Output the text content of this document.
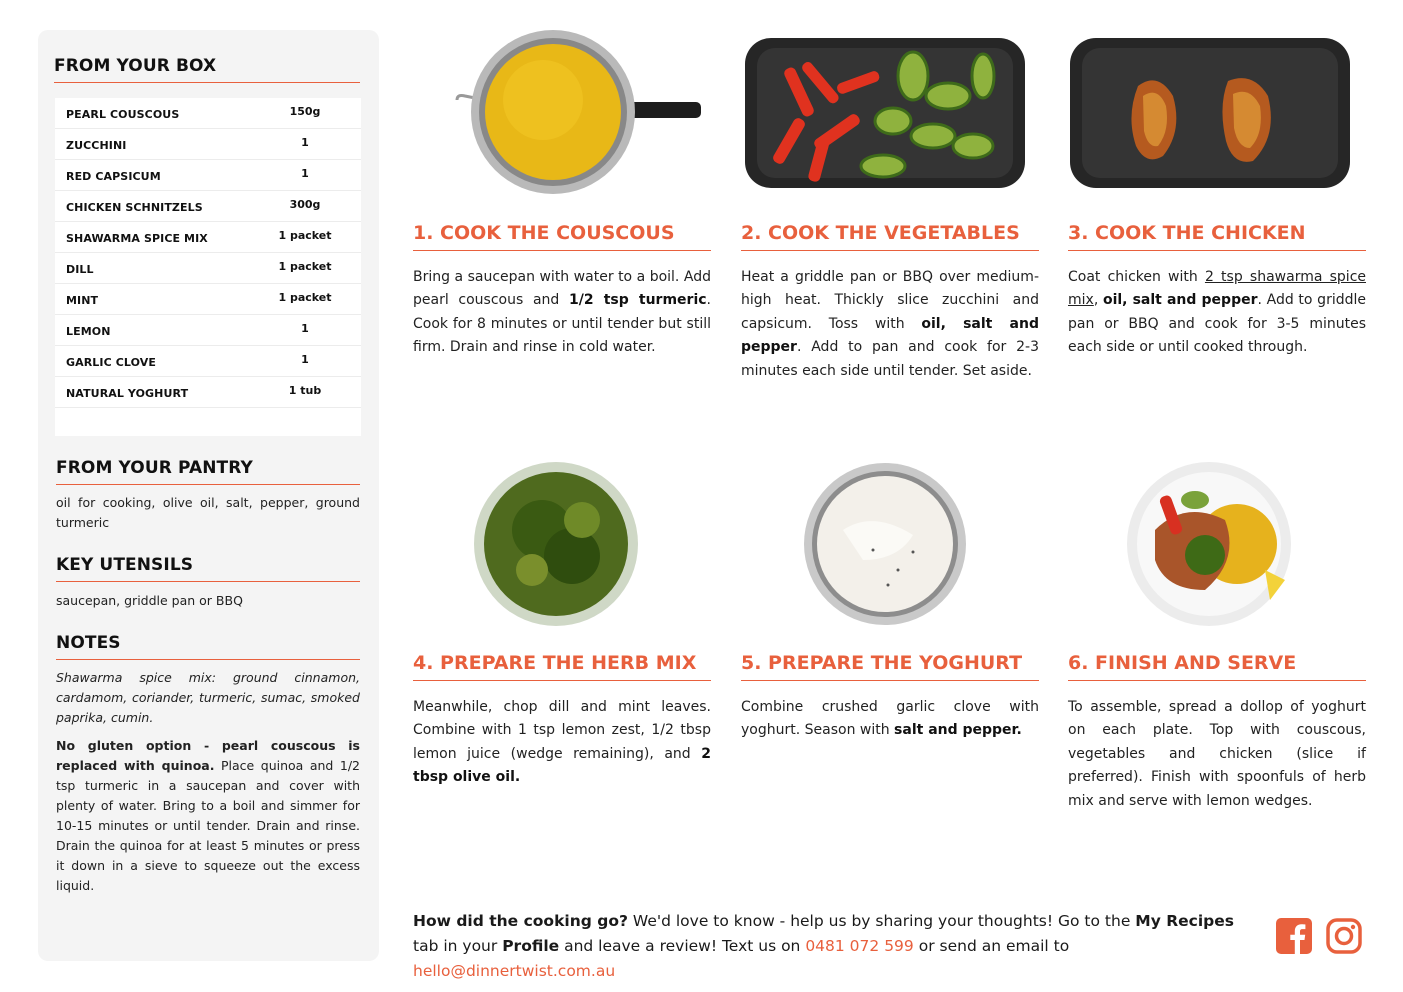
FROM YOUR BOX
PEARL COUSCOUS	150g
ZUCCHINI	1
RED CAPSICUM	1
CHICKEN SCHNITZELS	300g
SHAWARMA SPICE MIX	1 packet
DILL	1 packet
MINT	1 packet
LEMON	1
GARLIC CLOVE	1
NATURAL YOGHURT	1 tub
FROM YOUR PANTRY
oil for cooking, olive oil, salt, pepper, ground turmeric
KEY UTENSILS
saucepan, griddle pan or BBQ
NOTES
Shawarma spice mix: ground cinnamon, cardamom, coriander, turmeric, sumac, smoked paprika, cumin.
No gluten option - pearl couscous is replaced with quinoa. Place quinoa and 1/2 tsp turmeric in a saucepan and cover with plenty of water. Bring to a boil and simmer for 10-15 minutes or until tender. Drain and rinse. Drain the quinoa for at least 5 minutes or press it down in a sieve to squeeze out the excess liquid.
1. COOK THE COUSCOUS
Bring a saucepan with water to a boil. Add pearl couscous and 1/2 tsp turmeric. Cook for 8 minutes or until tender but still firm. Drain and rinse in cold water.
2. COOK THE VEGETABLES
Heat a griddle pan or BBQ over medium-high heat. Thickly slice zucchini and capsicum. Toss with oil, salt and pepper. Add to pan and cook for 2-3 minutes each side until tender. Set aside.
3. COOK THE CHICKEN
Coat chicken with 2 tsp shawarma spice mix, oil, salt and pepper. Add to griddle pan or BBQ and cook for 3-5 minutes each side or until cooked through.
4. PREPARE THE HERB MIX
Meanwhile, chop dill and mint leaves. Combine with 1 tsp lemon zest, 1/2 tbsp lemon juice (wedge remaining), and 2 tbsp olive oil.
5. PREPARE THE YOGHURT
Combine crushed garlic clove with yoghurt. Season with salt and pepper.
6. FINISH AND SERVE
To assemble, spread a dollop of yoghurt on each plate. Top with couscous, vegetables and chicken (slice if preferred). Finish with spoonfuls of herb mix and serve with lemon wedges.
How did the cooking go? We'd love to know - help us by sharing your thoughts! Go to the My Recipes tab in your Profile and leave a review! Text us on 0481 072 599 or send an email to hello@dinnertwist.com.au
